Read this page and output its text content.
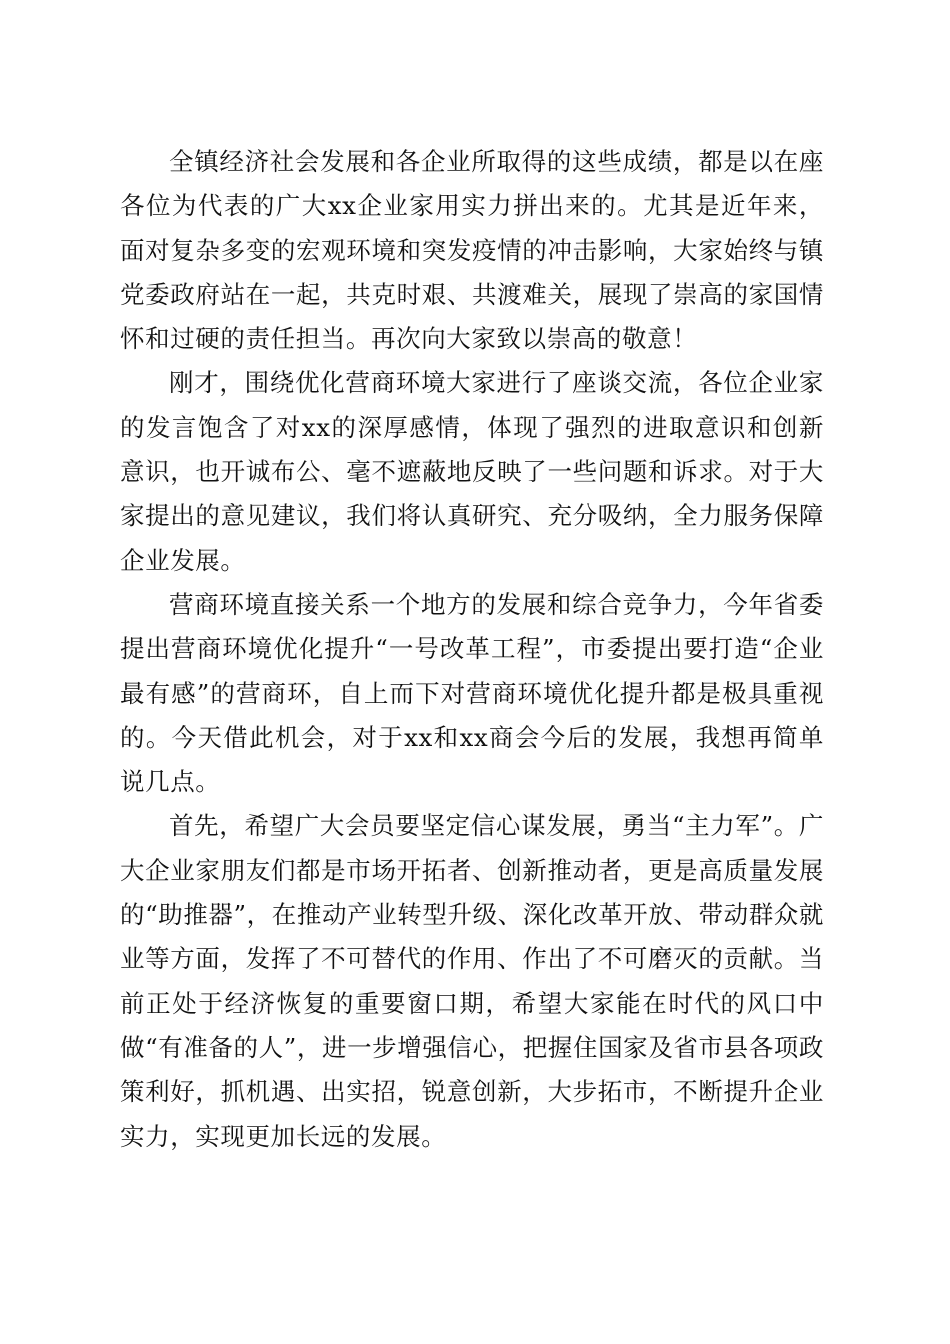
全镇经济社会发展和各企业所取得的这些成绩，都是以在座各位为代表的广大xx企业家用实力拼出来的。尤其是近年来，面对复杂多变的宏观环境和突发疫情的冲击影响，大家始终与镇党委政府站在一起，共克时艰、共渡难关，展现了崇高的家国情怀和过硬的责任担当。再次向大家致以崇高的敬意！

刚才，围绕优化营商环境大家进行了座谈交流，各位企业家的发言饱含了对xx的深厚感情，体现了强烈的进取意识和创新意识，也开诚布公、毫不遮蔽地反映了一些问题和诉求。对于大家提出的意见建议，我们将认真研究、充分吸纳，全力服务保障企业发展。

营商环境直接关系一个地方的发展和综合竞争力，今年省委提出营商环境优化提升“一号改革工程”，市委提出要打造“企业最有感”的营商环，自上而下对营商环境优化提升都是极具重视的。今天借此机会，对于xx和xx商会今后的发展，我想再简单说几点。

首先，希望广大会员要坚定信心谋发展，勇当“主力军”。广大企业家朋友们都是市场开拓者、创新推动者，更是高质量发展的“助推器”，在推动产业转型升级、深化改革开放、带动群众就业等方面，发挥了不可替代的作用、作出了不可磨灭的贡献。当前正处于经济恢复的重要窗口期，希望大家能在时代的风口中做“有准备的人”，进一步增强信心，把握住国家及省市县各项政策利好，抓机遇、出实招，锐意创新，大步拓市，不断提升企业实力，实现更加长远的发展。
